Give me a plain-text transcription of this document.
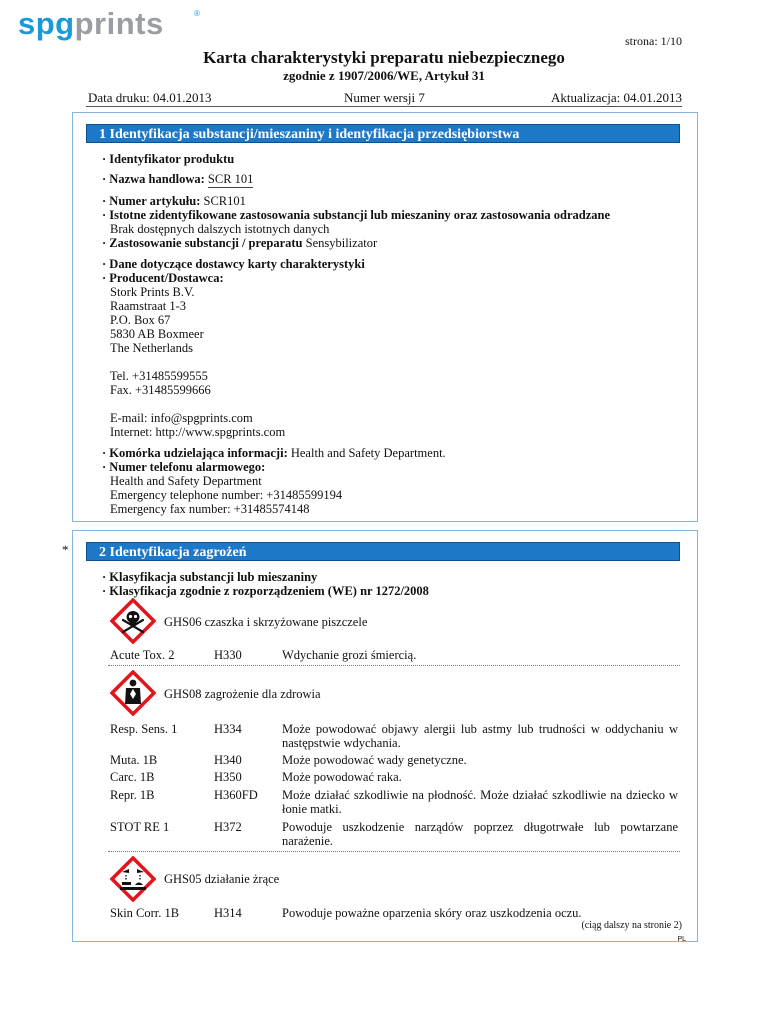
spgprints	®
strona: 1/10
Karta charakterystyki preparatu niebezpiecznego
zgodnie z 1907/2006/WE, Artykuł 31
Data druku: 04.01.2013	Numer wersji 7	Aktualizacja: 04.01.2013
1 Identyfikacja substancji/mieszaniny i identyfikacja przedsiębiorstwa
· Identyfikator produktu
· Nazwa handlowa: SCR 101
· Numer artykułu: SCR101
· Istotne zidentyfikowane zastosowania substancji lub mieszaniny oraz zastosowania odradzane
Brak dostępnych dalszych istotnych danych
· Zastosowanie substancji / preparatu Sensybilizator
· Dane dotyczące dostawcy karty charakterystyki
· Producent/Dostawca:
Stork Prints B.V.
Raamstraat 1-3
P.O. Box 67
5830 AB Boxmeer
The Netherlands
Tel. +31485599555
Fax. +31485599666
E-mail: info@spgprints.com
Internet: http://www.spgprints.com
· Komórka udzielająca informacji: Health and Safety Department.
· Numer telefonu alarmowego:
Health and Safety Department
Emergency telephone number: +31485599194
Emergency fax number: +31485574148
*	2 Identyfikacja zagrożeń
· Klasyfikacja substancji lub mieszaniny
· Klasyfikacja zgodnie z rozporządzeniem (WE) nr 1272/2008
GHS06 czaszka i skrzyżowane piszczele
Acute Tox. 2	H330	Wdychanie grozi śmiercią.
GHS08 zagrożenie dla zdrowia
Resp. Sens. 1	H334	Może powodować objawy alergii lub astmy lub trudności w oddychaniu w następstwie wdychania.
Muta. 1B	H340	Może powodować wady genetyczne.
Carc. 1B	H350	Może powodować raka.
Repr. 1B	H360FD Może działać szkodliwie na płodność. Może działać szkodliwie na dziecko w łonie matki.
STOT RE 1	H372	Powoduje uszkodzenie narządów poprzez długotrwałe lub powtarzane narażenie.
GHS05 działanie żrące
Skin Corr. 1B	H314	Powoduje poważne oparzenia skóry oraz uszkodzenia oczu.
(ciąg dalszy na stronie 2)
PL
